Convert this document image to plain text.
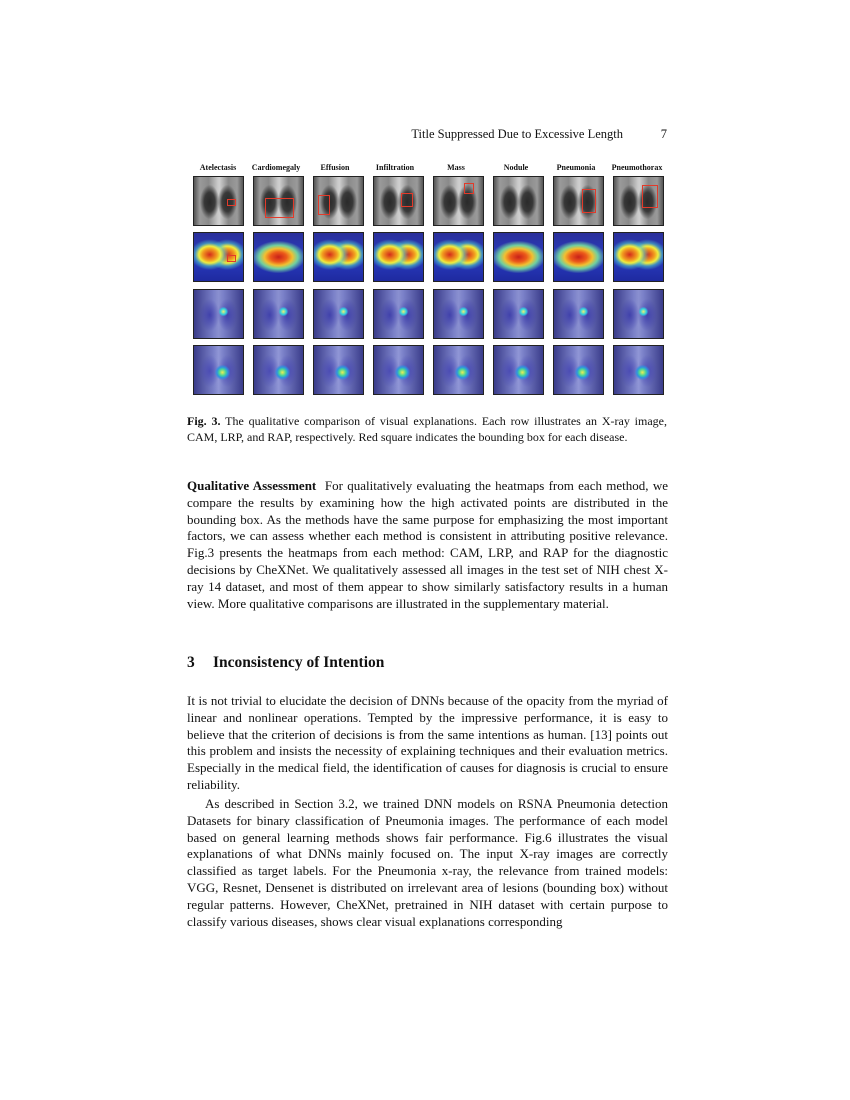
Title Suppressed Due to Excessive Length	7
Atelectasis	Cardiomegaly	Effusion	Infiltration	Mass	Nodule	Pneumonia	Pneumothorax
Fig. 3. The qualitative comparison of visual explanations. Each row illustrates an X-ray image, CAM, LRP, and RAP, respectively. Red square indicates the bounding box for each disease.
Qualitative Assessment For qualitatively evaluating the heatmaps from each method, we compare the results by examining how the high activated points are distributed in the bounding box. As the methods have the same purpose for emphasizing the most important factors, we can assess whether each method is consistent in attributing positive relevance. Fig.3 presents the heatmaps from each method: CAM, LRP, and RAP for the diagnostic decisions by CheXNet. We qualitatively assessed all images in the test set of NIH chest X-ray 14 dataset, and most of them appear to show similarly satisfactory results in a human view. More qualitative comparisons are illustrated in the supplementary material.
3 Inconsistency of Intention
It is not trivial to elucidate the decision of DNNs because of the opacity from the myriad of linear and nonlinear operations. Tempted by the impressive performance, it is easy to believe that the criterion of decisions is from the same intentions as human. [13] points out this problem and insists the necessity of explaining techniques and their evaluation metrics. Especially in the medical field, the identification of causes for diagnosis is crucial to ensure reliability.
As described in Section 3.2, we trained DNN models on RSNA Pneumonia detection Datasets for binary classification of Pneumonia images. The performance of each model based on general learning methods shows fair performance. Fig.6 illustrates the visual explanations of what DNNs mainly focused on. The input X-ray images are correctly classified as target labels. For the Pneumonia x-ray, the relevance from trained models: VGG, Resnet, Densenet is distributed on irrelevant area of lesions (bounding box) without regular patterns. However, CheXNet, pretrained in NIH dataset with certain purpose to classify various diseases, shows clear visual explanations corresponding
